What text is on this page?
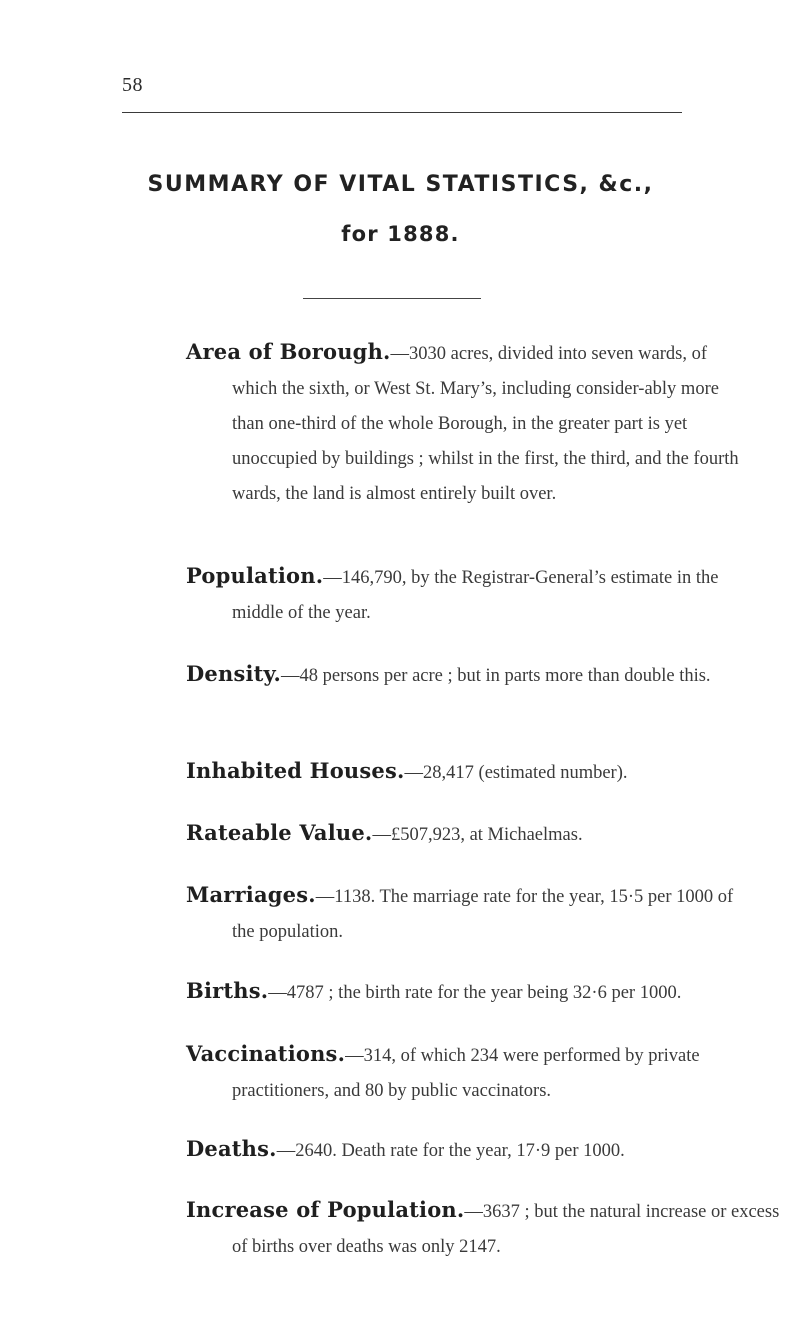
58
SUMMARY OF VITAL STATISTICS, &c.,
for 1888.

Area of Borough.—3030 acres, divided into seven wards, of which the sixth, or West St. Mary’s, including consider-ably more than one-third of the whole Borough, in the greater part is yet unoccupied by buildings ; whilst in the first, the third, and the fourth wards, the land is almost entirely built over.

Population.—146,790, by the Registrar-General’s estimate in the middle of the year.

Density.—48 persons per acre ; but in parts more than double this.

Inhabited Houses.—28,417 (estimated number).

Rateable Value.—£507,923, at Michaelmas.

Marriages.—1138. The marriage rate for the year, 15·5 per 1000 of the population.

Births.—4787 ; the birth rate for the year being 32·6 per 1000.

Vaccinations.—314, of which 234 were performed by private practitioners, and 80 by public vaccinators.

Deaths.—2640. Death rate for the year, 17·9 per 1000.

Increase of Population.—3637 ; but the natural increase or excess of births over deaths was only 2147.
